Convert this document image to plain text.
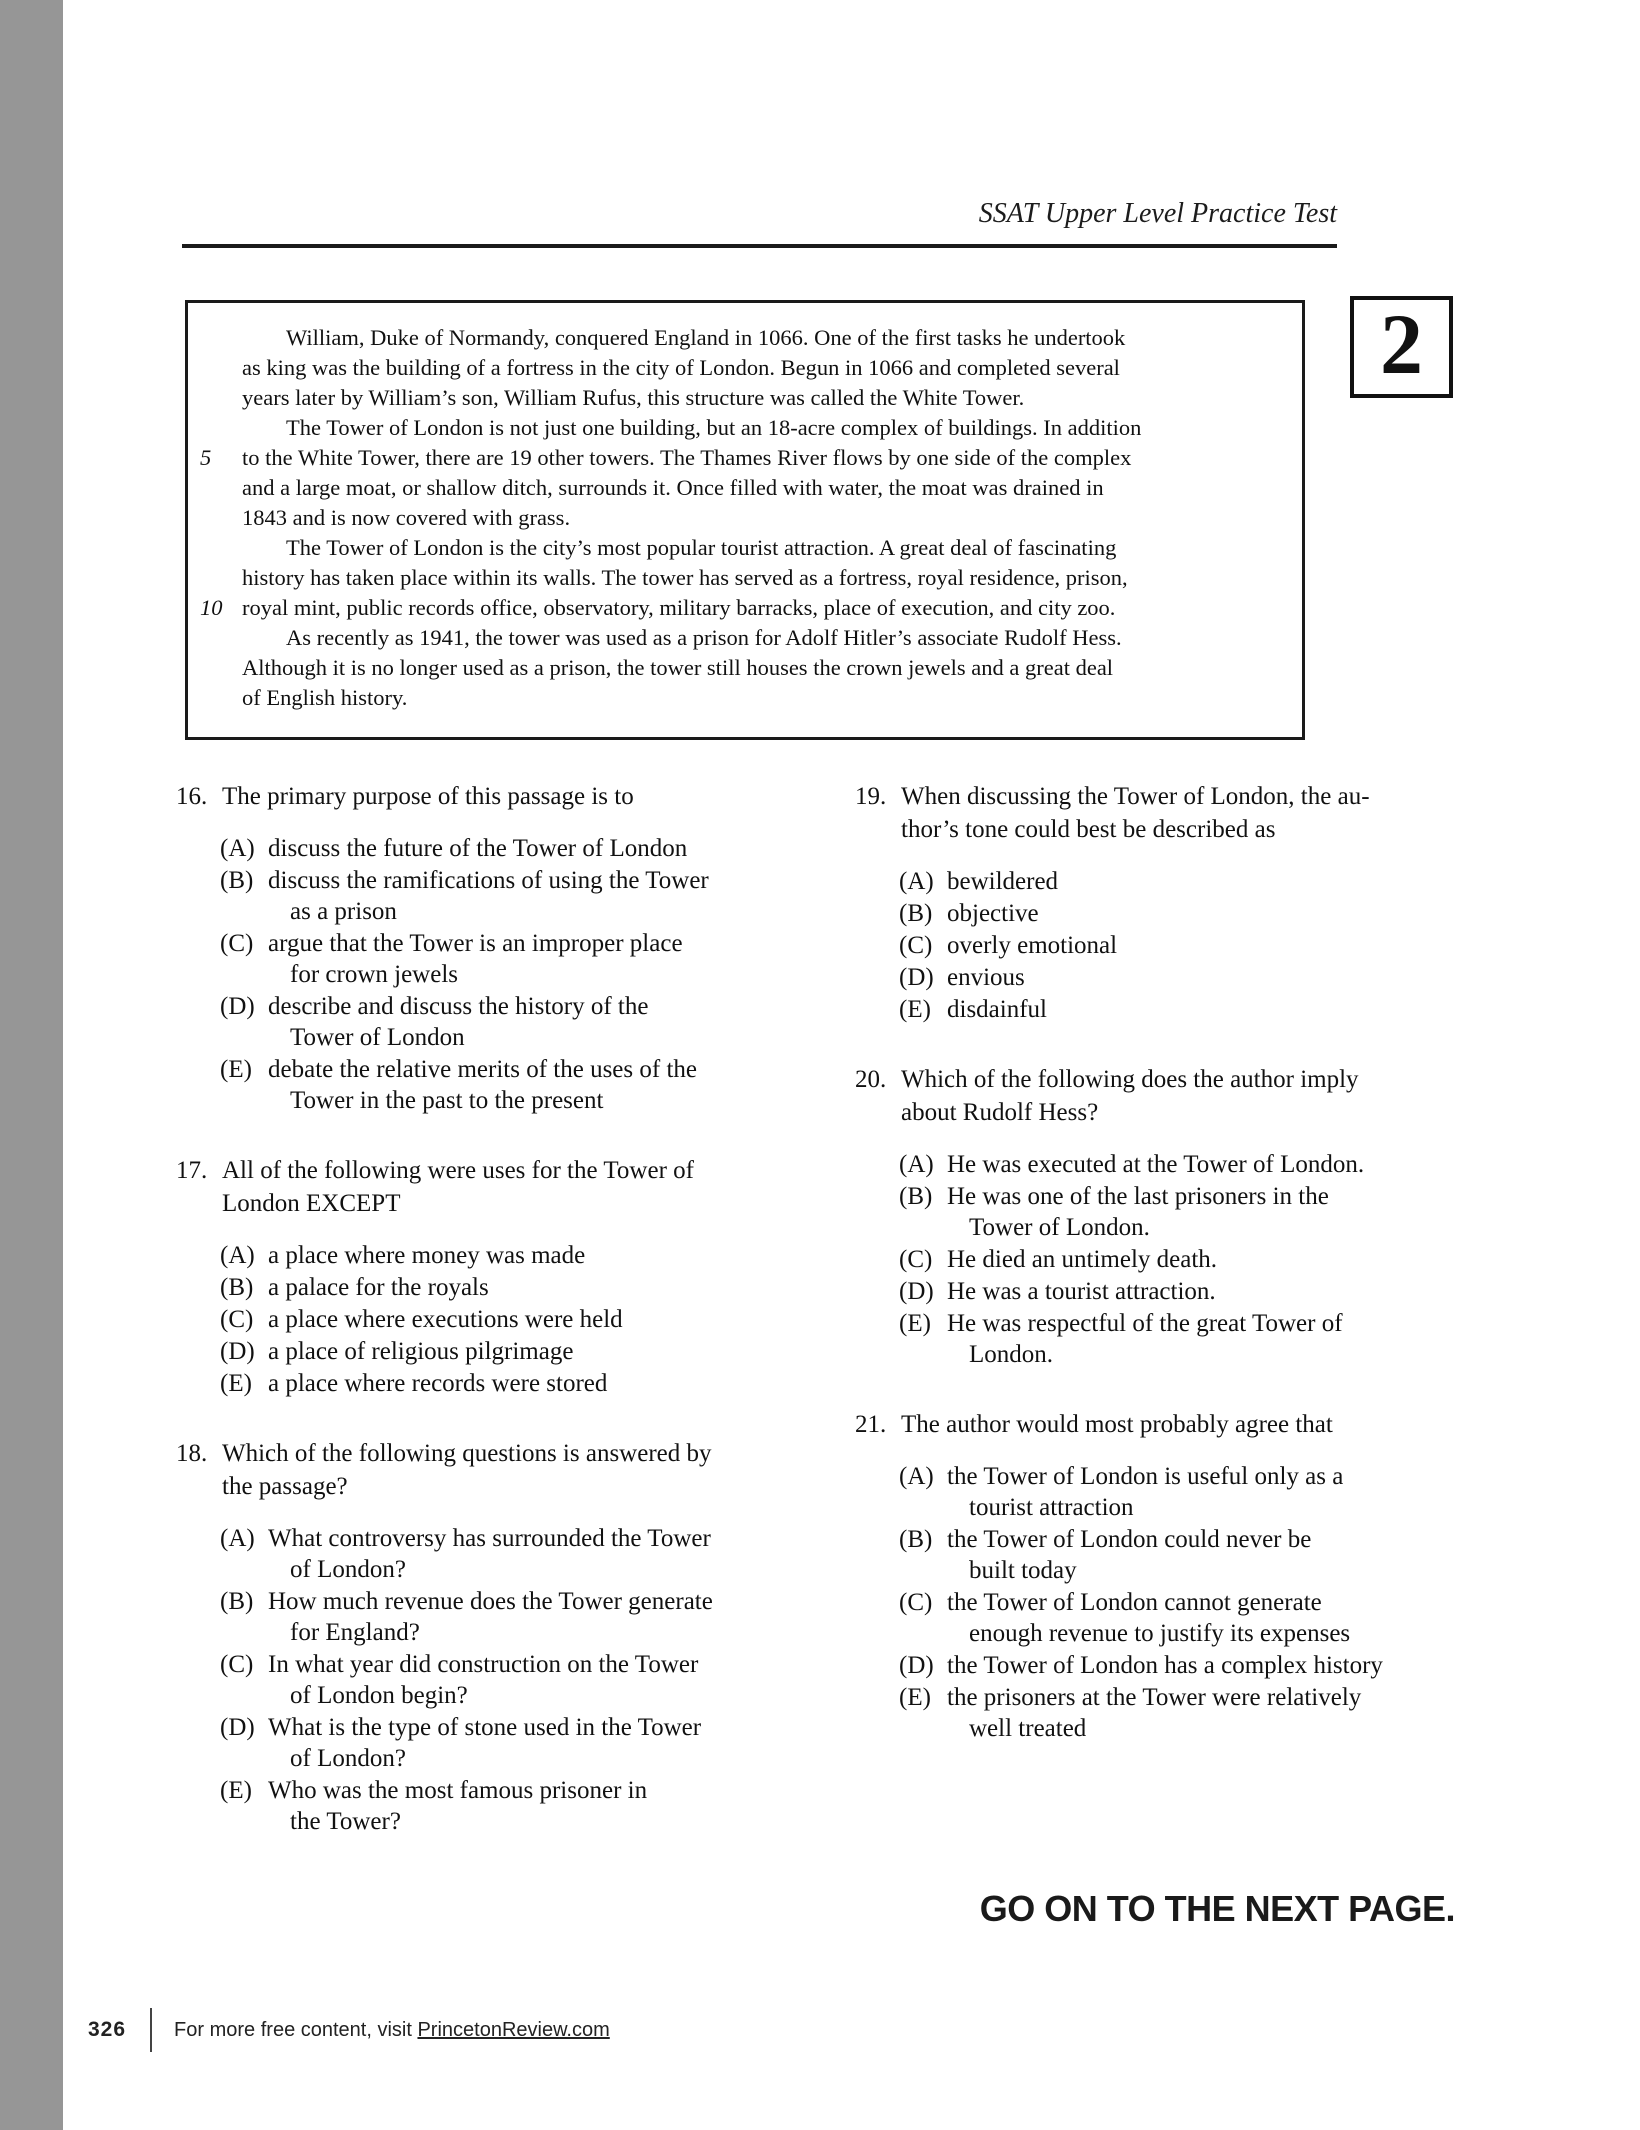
SSAT Upper Level Practice Test
William, Duke of Normandy, conquered England in 1066. One of the first tasks he undertook
as king was the building of a fortress in the city of London. Begun in 1066 and completed several
years later by William’s son, William Rufus, this structure was called the White Tower.
The Tower of London is not just one building, but an 18-acre complex of buildings. In addition
5	to the White Tower, there are 19 other towers. The Thames River flows by one side of the complex
and a large moat, or shallow ditch, surrounds it. Once filled with water, the moat was drained in
1843 and is now covered with grass.
The Tower of London is the city’s most popular tourist attraction. A great deal of fascinating
history has taken place within its walls. The tower has served as a fortress, royal residence, prison,
10 royal mint, public records office, observatory, military barracks, place of execution, and city zoo.
As recently as 1941, the tower was used as a prison for Adolf Hitler’s associate Rudolf Hess.
Although it is no longer used as a prison, the tower still houses the crown jewels and a great deal
of English history.
2
16. The primary purpose of this passage is to
(A) discuss the future of the Tower of London
(B) discuss the ramifications of using the Tower
as a prison
(C) argue that the Tower is an improper place
for crown jewels
(D) describe and discuss the history of the
Tower of London
(E) debate the relative merits of the uses of the
Tower in the past to the present
17. All of the following were uses for the Tower of
London EXCEPT
(A) a place where money was made
(B) a palace for the royals
(C) a place where executions were held
(D) a place of religious pilgrimage
(E) a place where records were stored
18. Which of the following questions is answered by
the passage?
(A) What controversy has surrounded the Tower
of London?
(B) How much revenue does the Tower generate
for England?
(C) In what year did construction on the Tower
of London begin?
(D) What is the type of stone used in the Tower
of London?
(E) Who was the most famous prisoner in
the Tower?
19. When discussing the Tower of London, the au-
thor’s tone could best be described as
(A) bewildered
(B) objective
(C) overly emotional
(D) envious
(E) disdainful
20. Which of the following does the author imply
about Rudolf Hess?
(A) He was executed at the Tower of London.
(B) He was one of the last prisoners in the
Tower of London.
(C) He died an untimely death.
(D) He was a tourist attraction.
(E) He was respectful of the great Tower of
London.
21. The author would most probably agree that
(A) the Tower of London is useful only as a
tourist attraction
(B) the Tower of London could never be
built today
(C) the Tower of London cannot generate
enough revenue to justify its expenses
(D) the Tower of London has a complex history
(E) the prisoners at the Tower were relatively
well treated
GO ON TO THE NEXT PAGE.
326 For more free content, visit PrincetonReview.com
